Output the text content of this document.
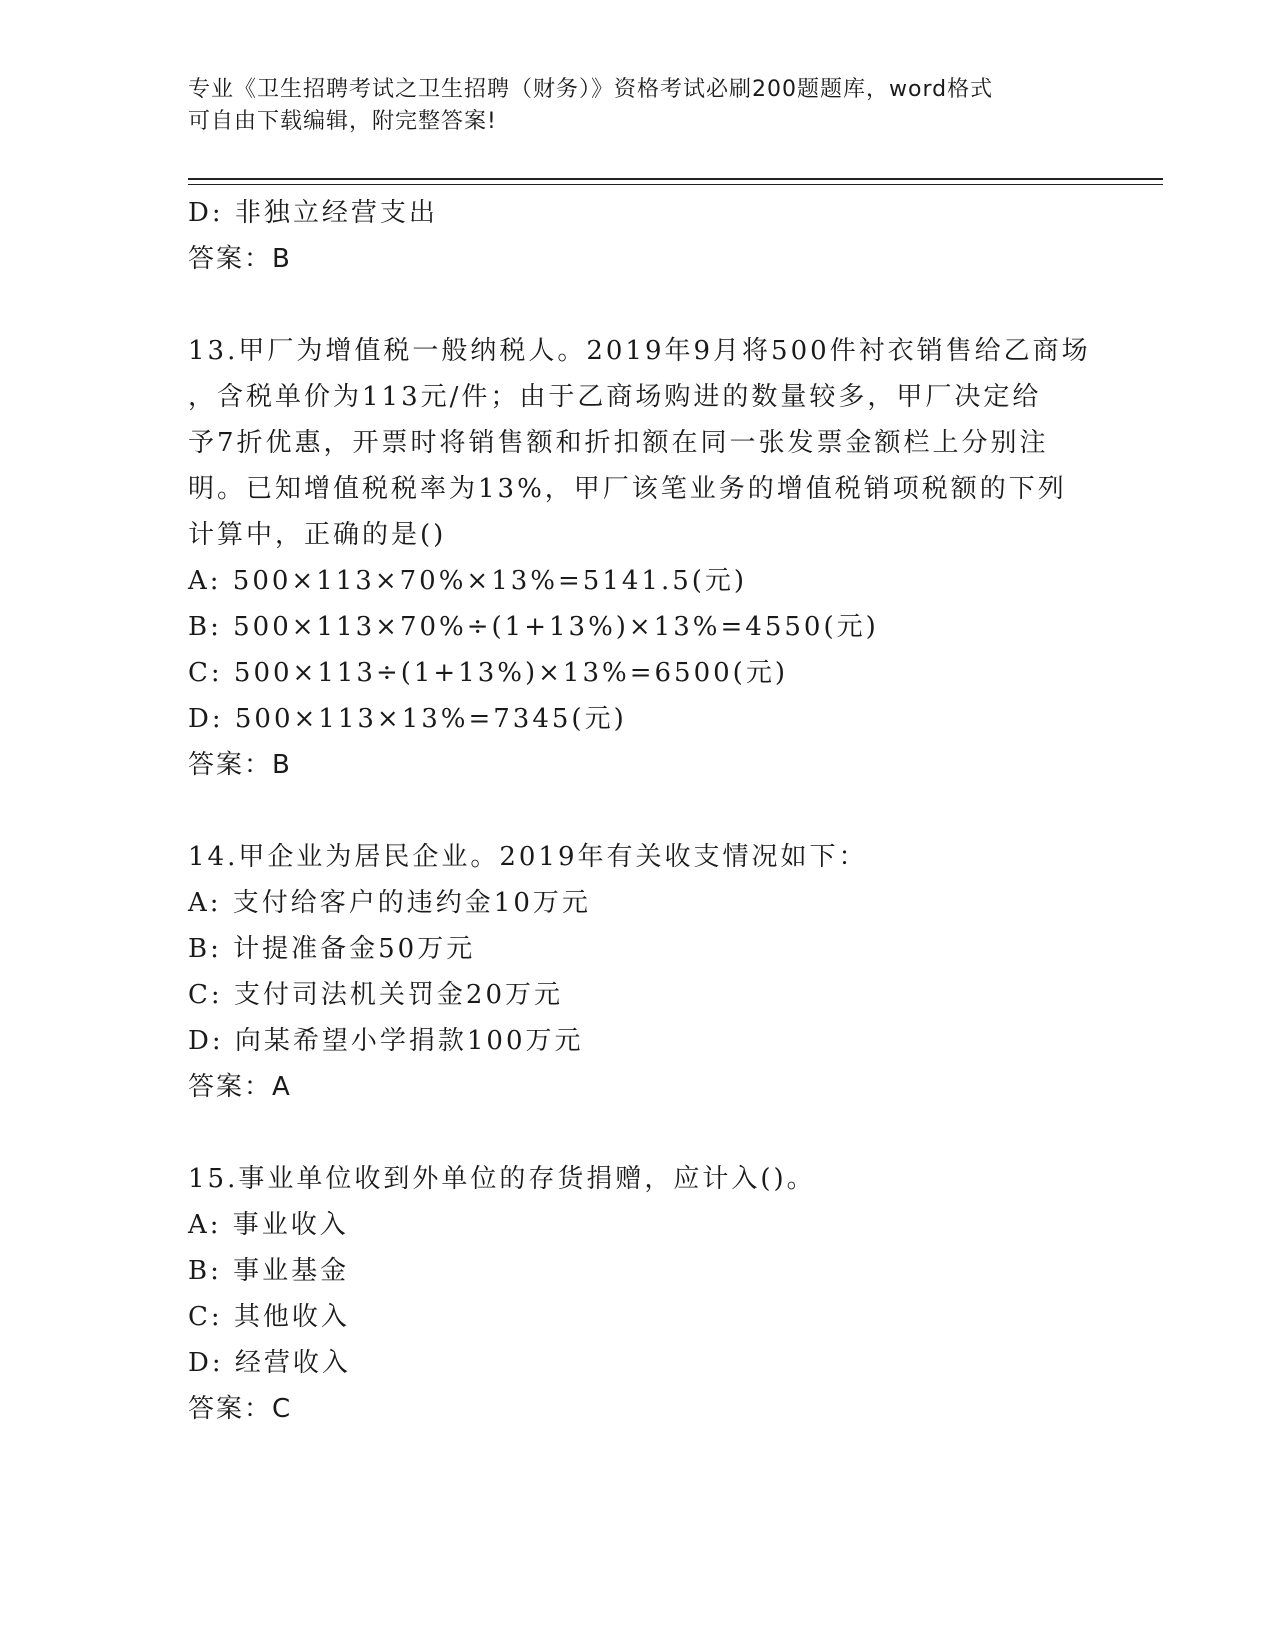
专业《卫生招聘考试之卫生招聘（财务）》资格考试必刷200题题库，word格式
可自由下载编辑，附完整答案!
D: 非独立经营支出
答案：B
13.甲厂为增值税一般纳税人。2019年9月将500件衬衣销售给乙商场
，含税单价为113元/件；由于乙商场购进的数量较多，甲厂决定给
予7折优惠，开票时将销售额和折扣额在同一张发票金额栏上分别注
明。已知增值税税率为13%，甲厂该笔业务的增值税销项税额的下列
计算中，正确的是()
A: 500×113×70%×13%=5141.5(元)
B: 500×113×70%÷(1+13%)×13%=4550(元)
C: 500×113÷(1+13%)×13%=6500(元)
D: 500×113×13%=7345(元)
答案：B
14.甲企业为居民企业。2019年有关收支情况如下：
A: 支付给客户的违约金10万元
B: 计提准备金50万元
C: 支付司法机关罚金20万元
D: 向某希望小学捐款100万元
答案：A
15.事业单位收到外单位的存货捐赠，应计入()。
A: 事业收入
B: 事业基金
C: 其他收入
D: 经营收入
答案：C
